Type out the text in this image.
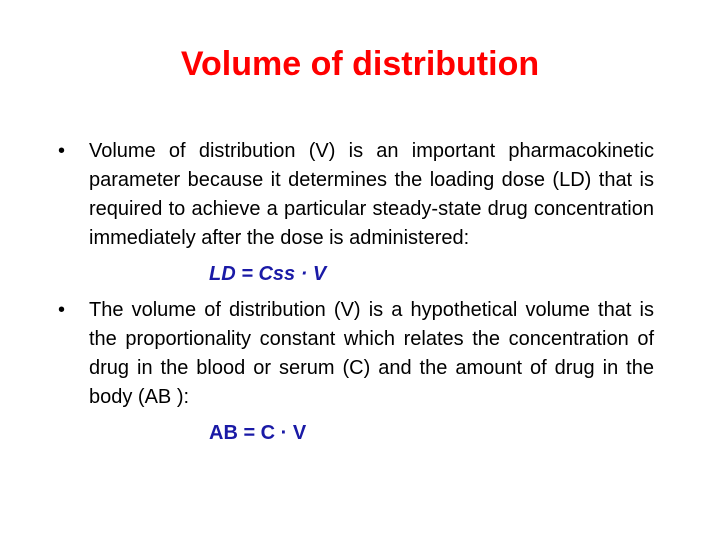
Volume of distribution
•	Volume of distribution (V) is an important pharmacokinetic parameter because it determines the loading dose (LD) that is required to achieve a particular steady-state drug concentration immediately after the dose is administered:

LD = Css · V

•	The volume of distribution (V) is a hypothetical volume that is the proportionality constant which relates the concentration of drug in the blood or serum (C) and the amount of drug in the body (AB ):

AB = C · V
